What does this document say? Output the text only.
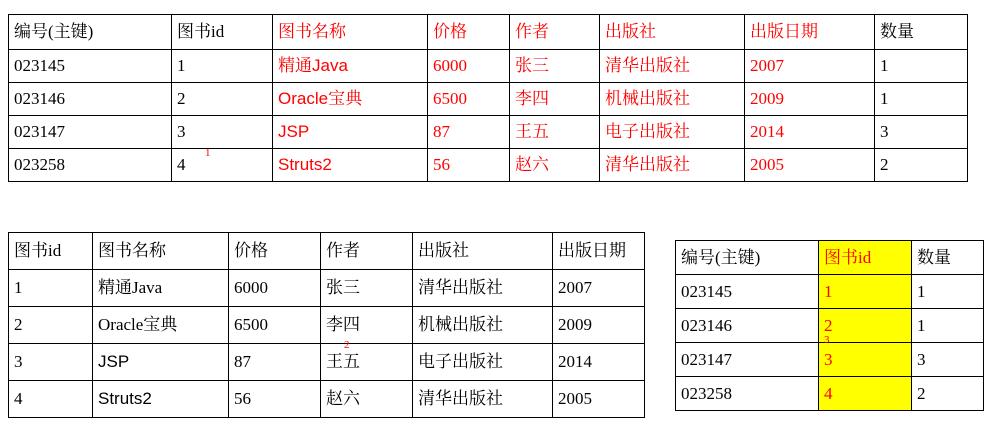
编号(主键)	图书id	图书名称	价格	作者	出版社	出版日期	数量
023145	1	精通Java	6000	张三	清华出版社	2007	1
023146	2	Oracle宝典	6500	李四	机械出版社	2009	1
023147	3	JSP	87	王五	电子出版社	2014	3
023258	4	Struts2	56	赵六	清华出版社	2005	2
图书id	图书名称	价格	作者	出版社	出版日期
1	精通Java	6000	张三	清华出版社	2007
2	Oracle宝典	6500	李四	机械出版社	2009
3	JSP	87	王五	电子出版社	2014
4	Struts2	56	赵六	清华出版社	2005
编号(主键)	图书id	数量
023145	1	1
023146	2	1
023147	3	3
023258	4	2
1
2	3
